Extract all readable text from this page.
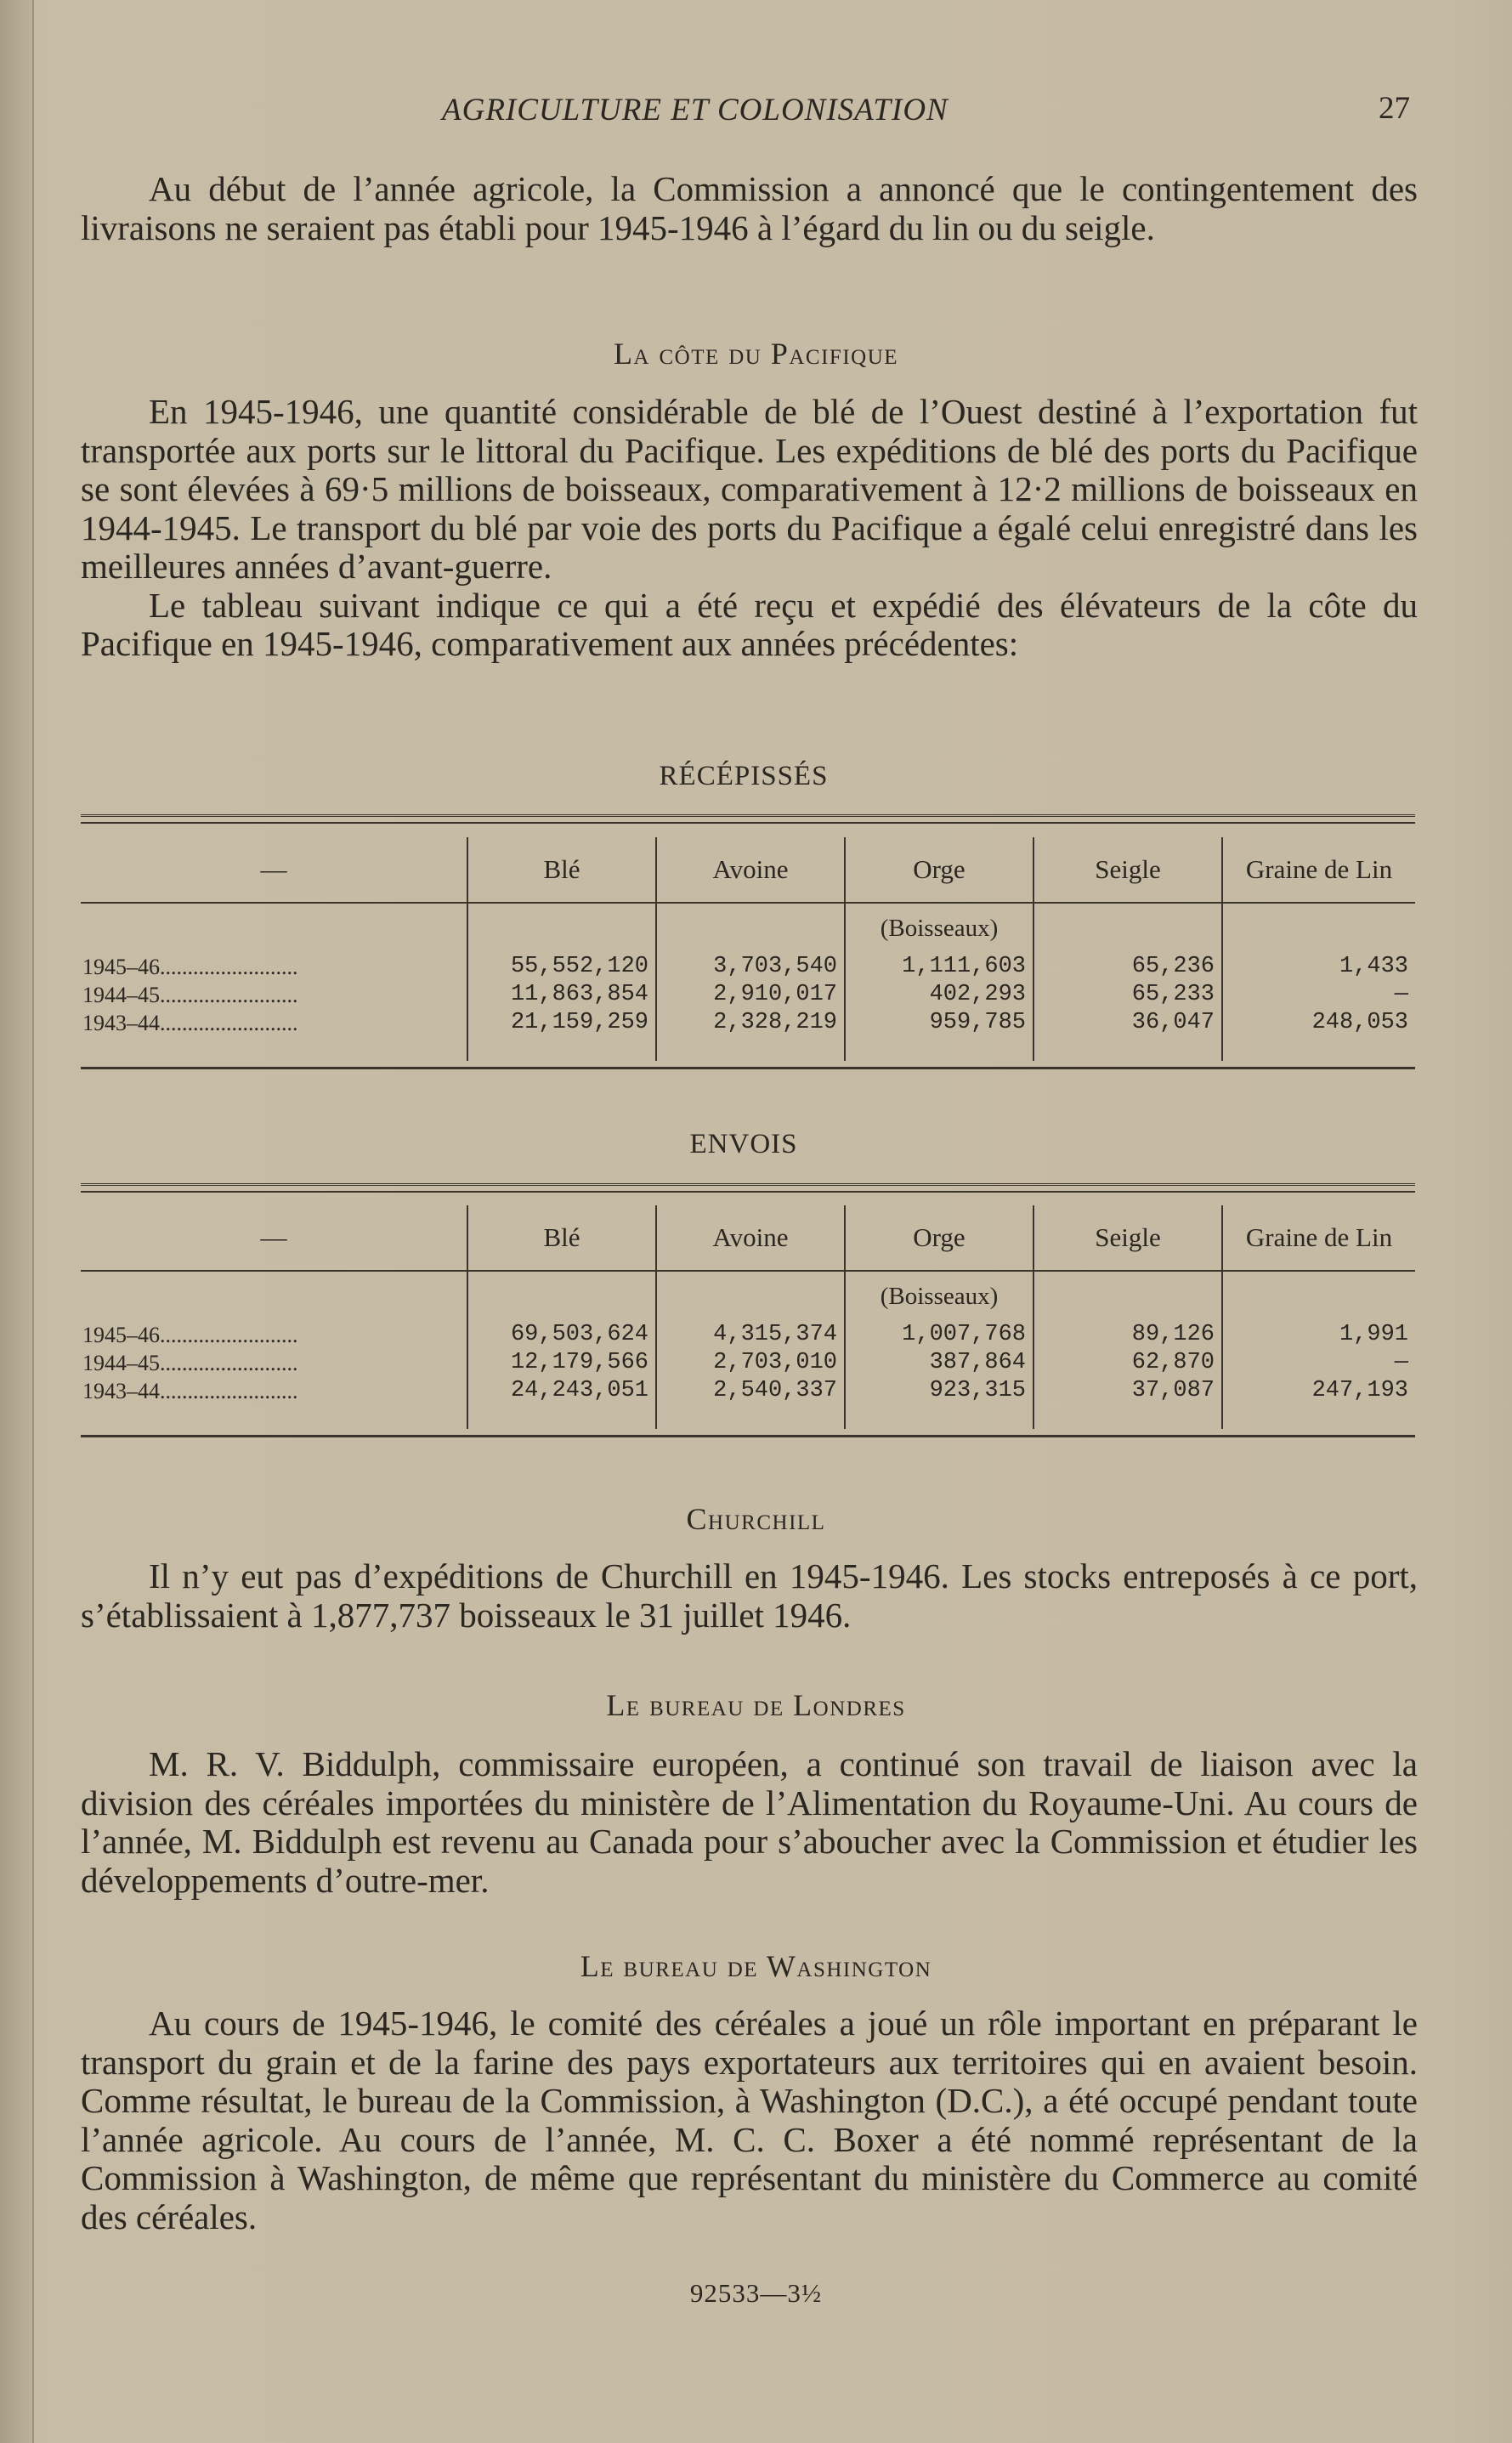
AGRICULTURE ET COLONISATION	27

Au début de l’année agricole, la Commission a annoncé que le contingentement des livraisons ne seraient pas établi pour 1945-1946 à l’égard du lin ou du seigle.

La côte du Pacifique

En 1945-1946, une quantité considérable de blé de l’Ouest destiné à l’exportation fut transportée aux ports sur le littoral du Pacifique. Les expéditions de blé des ports du Pacifique se sont élevées à 69·5 millions de boisseaux, comparativement à 12·2 millions de boisseaux en 1944-1945. Le transport du blé par voie des ports du Pacifique a égalé celui enregistré dans les meilleures années d’avant-guerre.

Le tableau suivant indique ce qui a été reçu et expédié des élévateurs de la côte du Pacifique en 1945-1946, comparativement aux années précédentes:

RÉCÉPISSÉS
—	Blé	Avoine	Orge	Seigle	Graine de Lin
			(Boisseaux)		
1945–46.........................	55,552,120	3,703,540	1,111,603	65,236	1,433
1944–45.........................	11,863,854	2,910,017	402,293	65,233	—
1943–44.........................	21,159,259	2,328,219	959,785	36,047	248,053

ENVOIS
—	Blé	Avoine	Orge	Seigle	Graine de Lin
			(Boisseaux)		
1945–46.........................	69,503,624	4,315,374	1,007,768	89,126	1,991
1944–45.........................	12,179,566	2,703,010	387,864	62,870	—
1943–44.........................	24,243,051	2,540,337	923,315	37,087	247,193

Churchill

Il n’y eut pas d’expéditions de Churchill en 1945-1946. Les stocks entreposés à ce port, s’établissaient à 1,877,737 boisseaux le 31 juillet 1946.

Le bureau de Londres

M. R. V. Biddulph, commissaire européen, a continué son travail de liaison avec la division des céréales importées du ministère de l’Alimentation du Royaume-Uni. Au cours de l’année, M. Biddulph est revenu au Canada pour s’aboucher avec la Commission et étudier les développements d’outre-mer.

Le bureau de Washington

Au cours de 1945-1946, le comité des céréales a joué un rôle important en préparant le transport du grain et de la farine des pays exportateurs aux territoires qui en avaient besoin. Comme résultat, le bureau de la Commission, à Washington (D.C.), a été occupé pendant toute l’année agricole. Au cours de l’année, M. C. C. Boxer a été nommé représentant de la Commission à Washington, de même que représentant du ministère du Commerce au comité des céréales.

92533—3½
